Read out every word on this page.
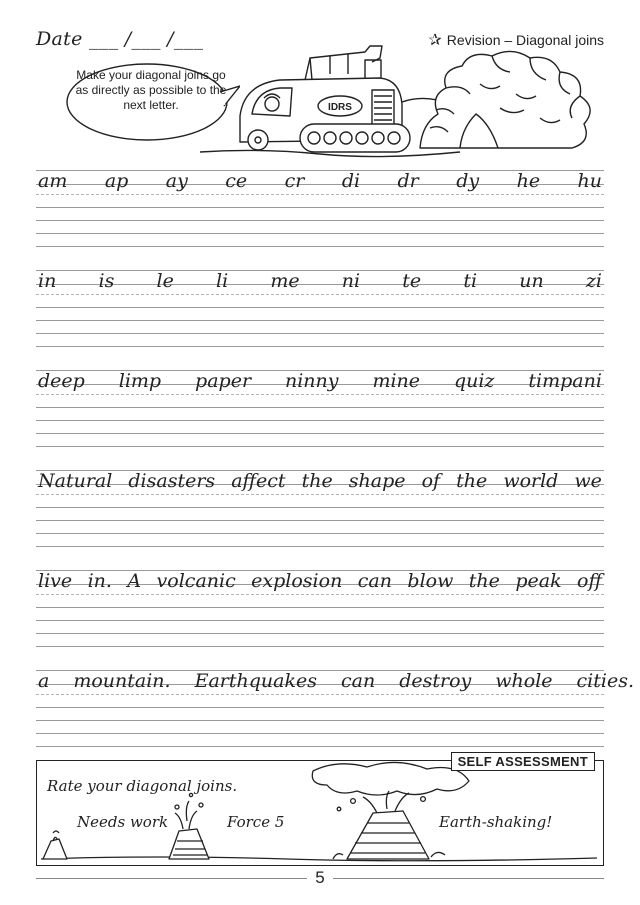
Date ___ /___ /___	✰ Revision – Diagonal joins
Make your diagonal joins go as directly as possible to the next letter.	IDRS
am ap ay ce cr di dr dy he hu
in is le li me ni te ti un zi
deep limp paper ninny mine quiz timpani
Natural disasters affect the shape of the world we
live in. A volcanic explosion can blow the peak off
a mountain. Earthquakes can destroy whole cities.
SELF ASSESSMENT
Rate your diagonal joins.
Needs work	Force 5	Earth-shaking!
5
